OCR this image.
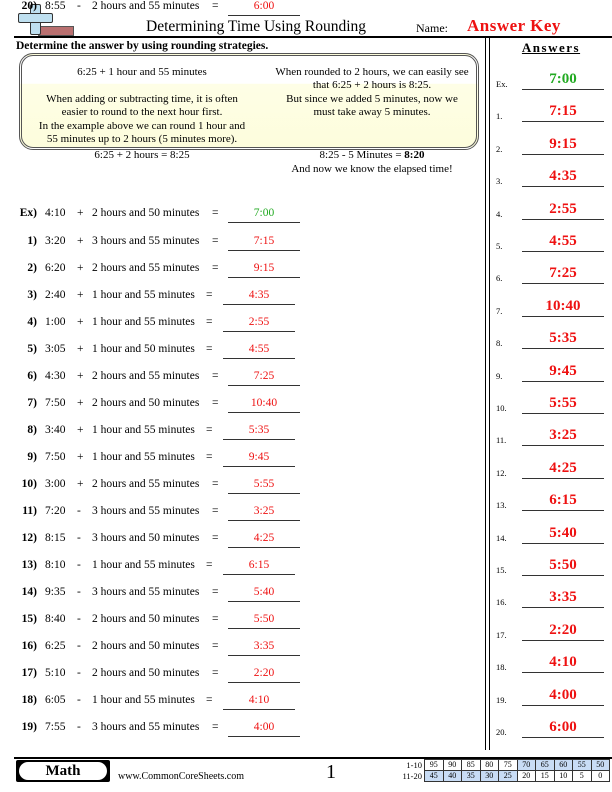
Determining Time Using Rounding	Name: Answer Key
Determine the answer by using rounding strategies.

6:25 + 1 hour and 55 minutes

When adding or subtracting time, it is often

easier to round to the next hour first.

In the example above we can round 1 hour and

55 minutes up to 2 hours (5 minutes more).

6:25 + 2 hours = 8:25

When rounded to 2 hours, we can easily see

that 6:25 + 2 hours is 8:25.

But since we added 5 minutes, now we

must take away 5 minutes.

8:25 - 5 Minutes = 8:20

And now we know the elapsed time!

Ex) 4:10 + 2 hours and 50 minutes =	7:00
1) 3:20 + 3 hours and 55 minutes =	7:15
2) 6:20 + 2 hours and 55 minutes =	9:15
3) 2:40 + 1 hour and 55 minutes =	4:35
4) 1:00 + 1 hour and 55 minutes =	2:55
5) 3:05 + 1 hour and 50 minutes =	4:55
6) 4:30 + 2 hours and 55 minutes =	7:25
7) 7:50 + 2 hours and 50 minutes =	10:40
8) 3:40 + 1 hour and 55 minutes =	5:35
9) 7:50 + 1 hour and 55 minutes =	9:45
10) 3:00 + 2 hours and 55 minutes =	5:55
11) 7:20 - 3 hours and 55 minutes =	3:25
12) 8:15 - 3 hours and 50 minutes =	4:25
13) 8:10 - 1 hour and 55 minutes =	6:15
14) 9:35 - 3 hours and 55 minutes =	5:40
15) 8:40 - 2 hours and 50 minutes =	5:50
16) 6:25 - 2 hours and 50 minutes =	3:35
17) 5:10 - 2 hours and 50 minutes =	2:20
18) 6:05 - 1 hour and 55 minutes =	4:10
19) 7:55 - 3 hours and 55 minutes =	4:00
20) 8:55 - 2 hours and 55 minutes =	6:00
Answers
Ex.	7:00
1.	7:15
2.	9:15
3.	4:35
4.	2:55
5.	4:55
6.	7:25
7.	10:40
8.	5:35
9.	9:45
10.	5:55
11.	3:25
12.	4:25
13.	6:15
14.	5:40
15.	5:50
16.	3:35
17.	2:20
18.	4:10
19.	4:00
20.	6:00
Math	www.CommonCoreSheets.com	1	1-10
11-20
95	90	85	80	75	70	65	60	55	50
45	40	35	30	25	20	15	10	5	0
